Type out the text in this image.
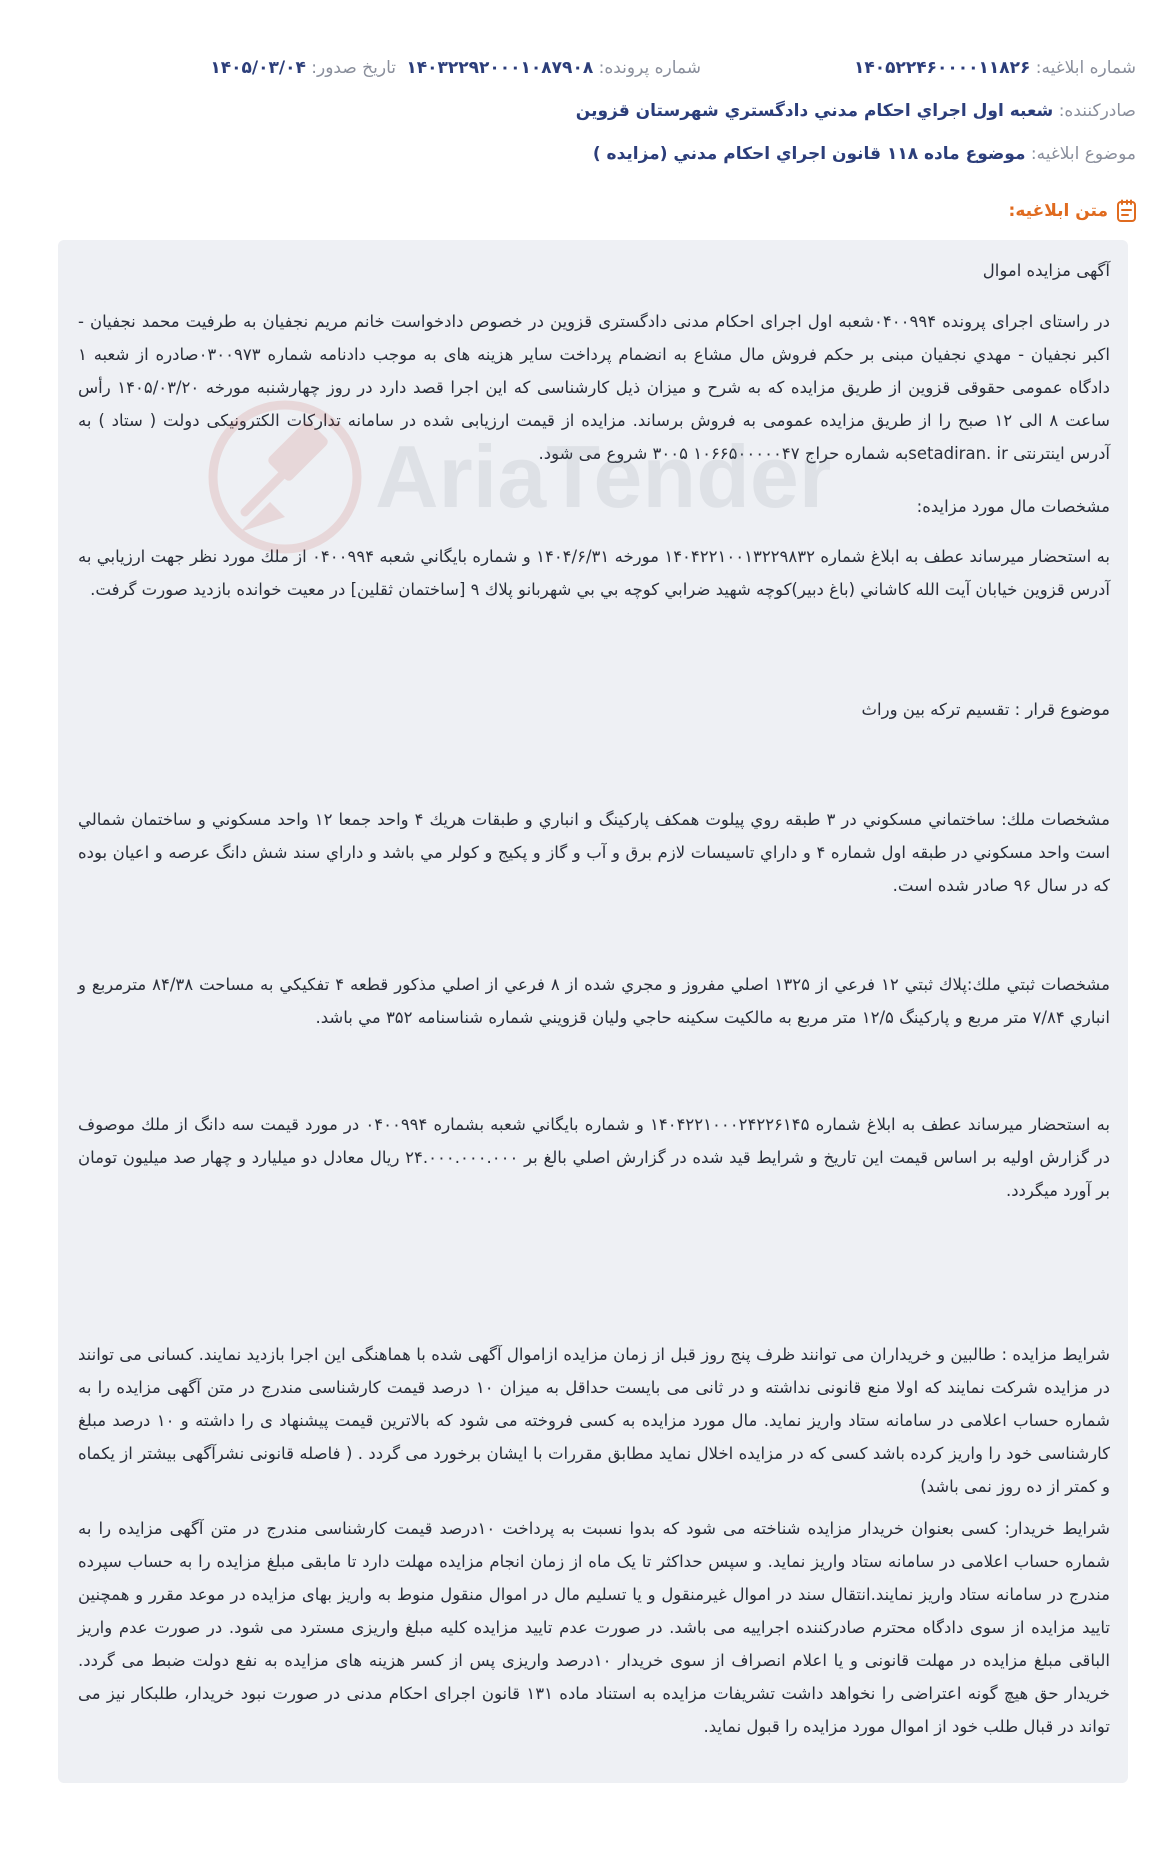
شماره ابلاغیه: ۱۴۰۵۲۲۴۶۰۰۰۰۱۱۸۲۶
شماره پرونده: ۱۴۰۳۲۲۹۲۰۰۰۱۰۸۷۹۰۸
تاریخ صدور: ۱۴۰۵/۰۳/۰۴
صادرکننده: شعبه اول اجراي احكام مدني دادگستري شهرستان قزوين
موضوع ابلاغیه: موضوع ماده ۱۱۸ قانون اجراي احكام مدني (مزايده )
متن ابلاغیه:

آگهی مزایده اموال

در راستای اجرای پرونده ۰۴۰۰۹۹۴شعبه اول اجرای احکام مدنی دادگستری قزوین در خصوص دادخواست خانم مریم نجفیان به طرفیت محمد نجفیان - اکبر نجفیان - مهدي نجفيان مبنی بر حکم فروش مال مشاع به انضمام پرداخت سایر هزینه های به موجب دادنامه شماره ۰۳۰۰۹۷۳صادره از شعبه ۱ دادگاه عمومی حقوقی قزوین از طریق مزایده که به شرح و میزان ذیل کارشناسی که این اجرا قصد دارد در روز چهارشنبه مورخه ۱۴۰۵/۰۳/۲۰ رأس ساعت ۸ الی ۱۲ صبح را از طریق مزایده عمومی به فروش برساند. مزایده از قیمت ارزیابی شده در سامانه تدارکات الکترونیکی دولت ( ستاد ) به آدرس اینترنتی setadiran. irبه شماره حراج ۱۰۶۶۵۰۰۰۰۰۴۷ ۳۰۰۵ شروع می شود.

مشخصات مال مورد مزایده:

به استحضار ميرساند عطف به ابلاغ شماره ۱۴۰۴۲۲۱۰۰۱۳۲۲۹۸۳۲ مورخه ۱۴۰۴/۶/۳۱ و شماره بايگاني شعبه ۰۴۰۰۹۹۴ از ملك مورد نظر جهت ارزيابي به آدرس قزوين خيابان آيت الله كاشاني (باغ دبير)كوچه شهيد ضرابي كوچه بي بي شهربانو پلاك ۹ [ساختمان ثقلين] در معيت خوانده بازديد صورت گرفت.

موضوع قرار : تقسيم تركه بين وراث

مشخصات ملك: ساختماني مسكوني در ۳ طبقه روي پيلوت همكف پاركينگ و انباري و طبقات هريك ۴ واحد جمعا ۱۲ واحد مسكوني و ساختمان شمالي است واحد مسكوني در طبقه اول شماره ۴ و داراي تاسيسات لازم برق و آب و گاز و پكيج و كولر مي باشد و داراي سند شش دانگ عرصه و اعيان بوده كه در سال ۹۶ صادر شده است.

مشخصات ثبتي ملك:پلاك ثبتي ۱۲ فرعي از ۱۳۲۵ اصلي مفروز و مجري شده از ۸ فرعي از اصلي مذكور قطعه ۴ تفكيكي به مساحت ۸۴/۳۸ مترمربع و انباري ۷/۸۴ متر مربع و پاركينگ ۱۲/۵ متر مربع به مالكيت سكينه حاجي وليان قزويني شماره شناسنامه ۳۵۲ مي باشد.

به استحضار ميرساند عطف به ابلاغ شماره ۱۴۰۴۲۲۱۰۰۰۲۴۲۲۶۱۴۵ و شماره بايگاني شعبه بشماره ۰۴۰۰۹۹۴ در مورد قيمت سه دانگ از ملك موصوف در گزارش اوليه بر اساس قيمت اين تاريخ و شرايط قيد شده در گزارش اصلي بالغ بر ۲۴.۰۰۰.۰۰۰.۰۰۰ ريال معادل دو ميليارد و چهار صد ميليون تومان بر آورد ميگردد.

شرایط مزایده : طالبین و خریداران می توانند ظرف پنج روز قبل از زمان مزایده ازاموال آگهی شده با هماهنگی این اجرا بازدید نمایند. کسانی می توانند در مزایده شرکت نمایند که اولا منع قانونی نداشته و در ثانی می بایست حداقل به میزان ۱۰ درصد قیمت کارشناسی مندرج در متن آگهی مزایده را به شماره حساب اعلامی در سامانه ستاد واریز نماید. مال مورد مزایده به کسی فروخته می شود که بالاترین قیمت پیشنهاد ی را داشته و ۱۰ درصد مبلغ کارشناسی خود را واریز کرده باشد کسی که در مزایده اخلال نماید مطابق مقررات با ایشان برخورد می گردد . ( فاصله قانونی نشرآگهی بیشتر از یکماه و کمتر از ده روز نمی باشد)

شرایط خریدار: کسی بعنوان خریدار مزایده شناخته می شود که بدوا نسبت به پرداخت ۱۰درصد قیمت کارشناسی مندرج در متن آگهی مزایده را به شماره حساب اعلامی در سامانه ستاد واریز نماید. و سپس حداکثر تا یک ماه از زمان انجام مزایده مهلت دارد تا مابقی مبلغ مزایده را به حساب سپرده مندرج در سامانه ستاد واریز نمایند.انتقال سند در اموال غیرمنقول و یا تسلیم مال در اموال منقول منوط به واریز بهای مزایده در موعد مقرر و همچنین تایید مزایده از سوی دادگاه محترم صادرکننده اجراییه می باشد. در صورت عدم تایید مزایده کلیه مبلغ واریزی مسترد می شود. در صورت عدم واریز الباقی مبلغ مزایده در مهلت قانونی و یا اعلام انصراف از سوی خریدار ۱۰درصد واریزی پس از کسر هزینه های مزایده به نفع دولت ضبط می گردد. خریدار حق هیچ گونه اعتراضی را نخواهد داشت تشریفات مزایده به استناد ماده ۱۳۱ قانون اجرای احکام مدنی در صورت نبود خریدار، طلبکار نیز می تواند در قبال طلب خود از اموال مورد مزایده را قبول نماید.
